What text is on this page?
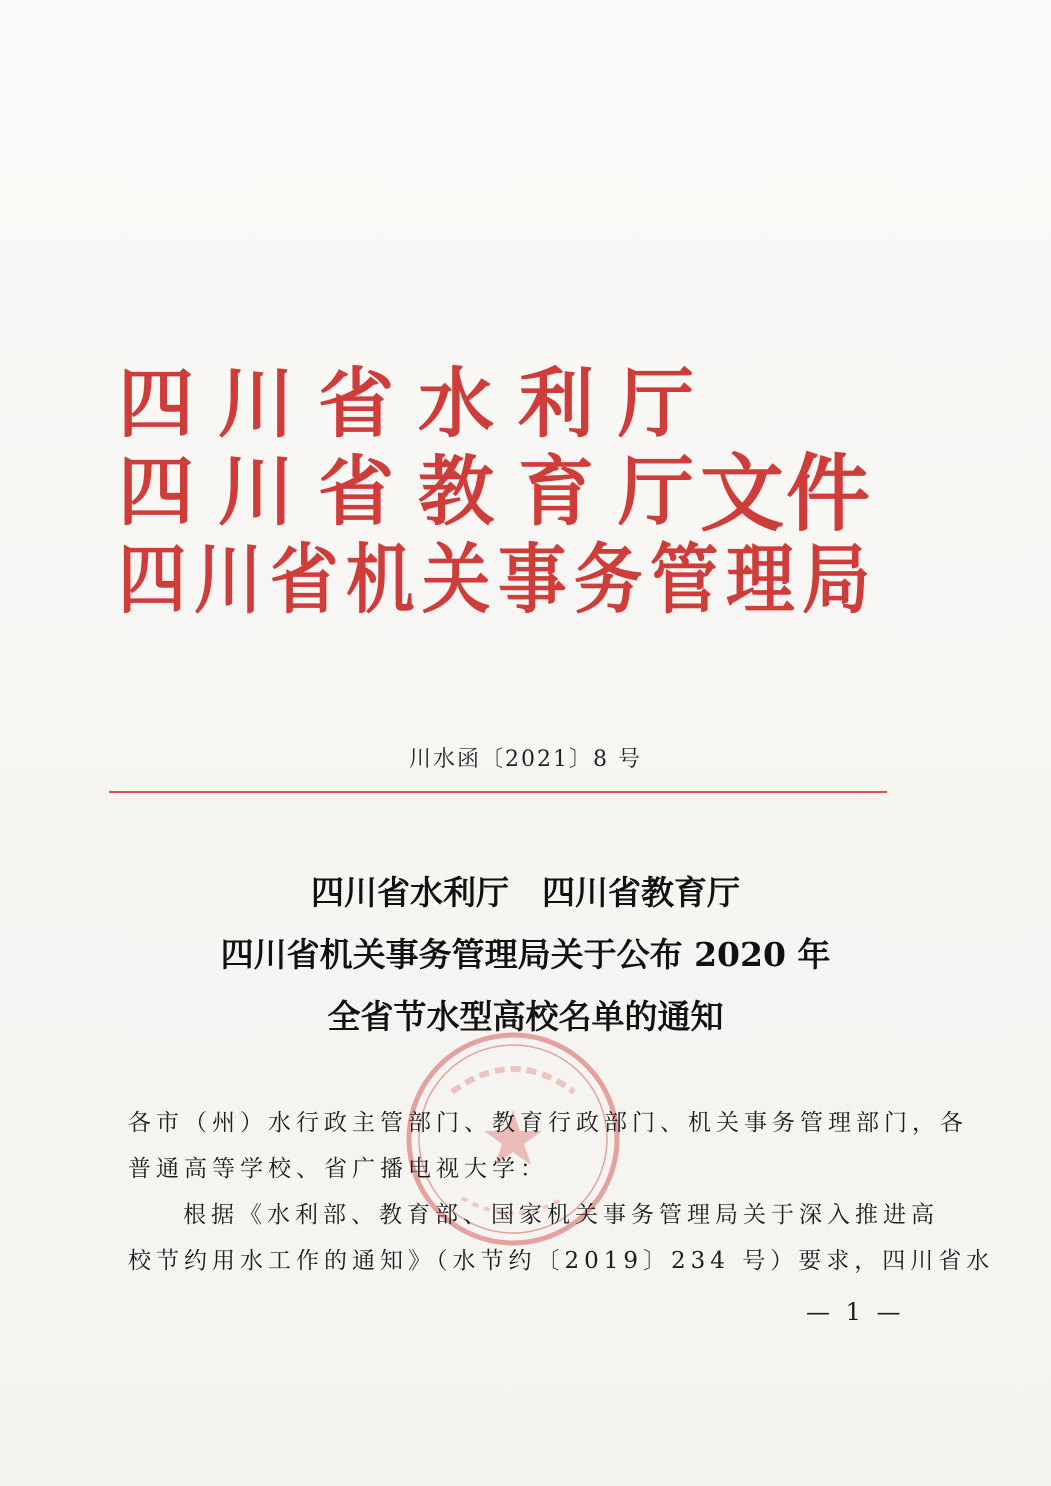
四 川 省 水 利 厅
四 川 省 教 育 厅
四 川 省 机 关 事 务 管 理 局
文件
川水函〔2021〕8 号
四川省水利厅　四川省教育厅
四川省机关事务管理局关于公布 2020 年
全省节水型高校名单的通知
各市（州）水行政主管部门、教育行政部门、机关事务管理部门，各
普通高等学校、省广播电视大学：
根据《水利部、教育部、国家机关事务管理局关于深入推进高
校节约用水工作的通知》（水节约〔2019〕234 号）要求，四川省水
— 1 —
